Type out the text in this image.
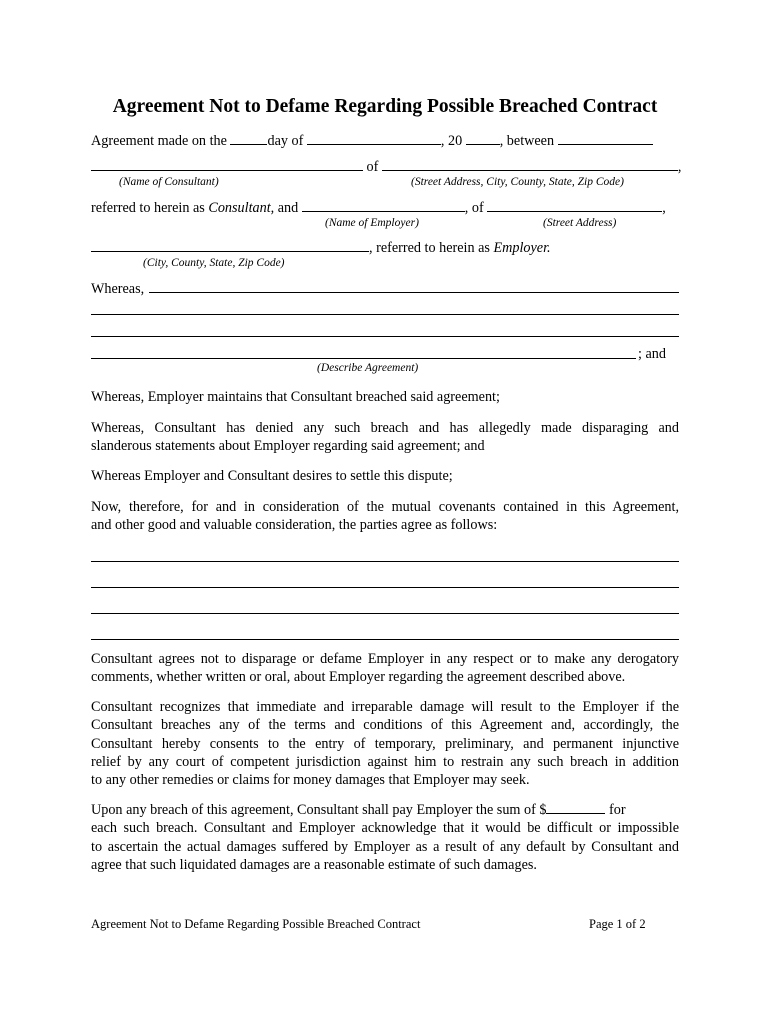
Agreement Not to Defame Regarding Possible Breached Contract
Agreement made on the	day of	, 20 , between
of	,
(Name of Consultant)	(Street Address, City, County, State, Zip Code)
referred to herein as Consultant, and	, of	,
(Name of Employer)	(Street Address)
, referred to herein as Employer.
(City, County, State, Zip Code)
Whereas,
; and
(Describe Agreement)
Whereas, Employer maintains that Consultant breached said agreement;
Whereas, Consultant has denied any such breach and has allegedly made disparaging and
slanderous statements about Employer regarding said agreement; and
Whereas Employer and Consultant desires to settle this dispute;
Now, therefore, for and in consideration of the mutual covenants contained in this Agreement,
and other good and valuable consideration, the parties agree as follows:
Consultant agrees not to disparage or defame Employer in any respect or to make any derogatory
comments, whether written or oral, about Employer regarding the agreement described above.
Consultant recognizes that immediate and irreparable damage will result to the Employer if the
Consultant breaches any of the terms and conditions of this Agreement and, accordingly, the
Consultant hereby consents to the entry of temporary, preliminary, and permanent injunctive
relief by any court of competent jurisdiction against him to restrain any such breach in addition
to any other remedies or claims for money damages that Employer may seek.
Upon any breach of this agreement, Consultant shall pay Employer the sum of $	for
each such breach. Consultant and Employer acknowledge that it would be difficult or impossible
to ascertain the actual damages suffered by Employer as a result of any default by Consultant and
agree that such liquidated damages are a reasonable estimate of such damages.
Agreement Not to Defame Regarding Possible Breached Contract	Page 1 of 2
